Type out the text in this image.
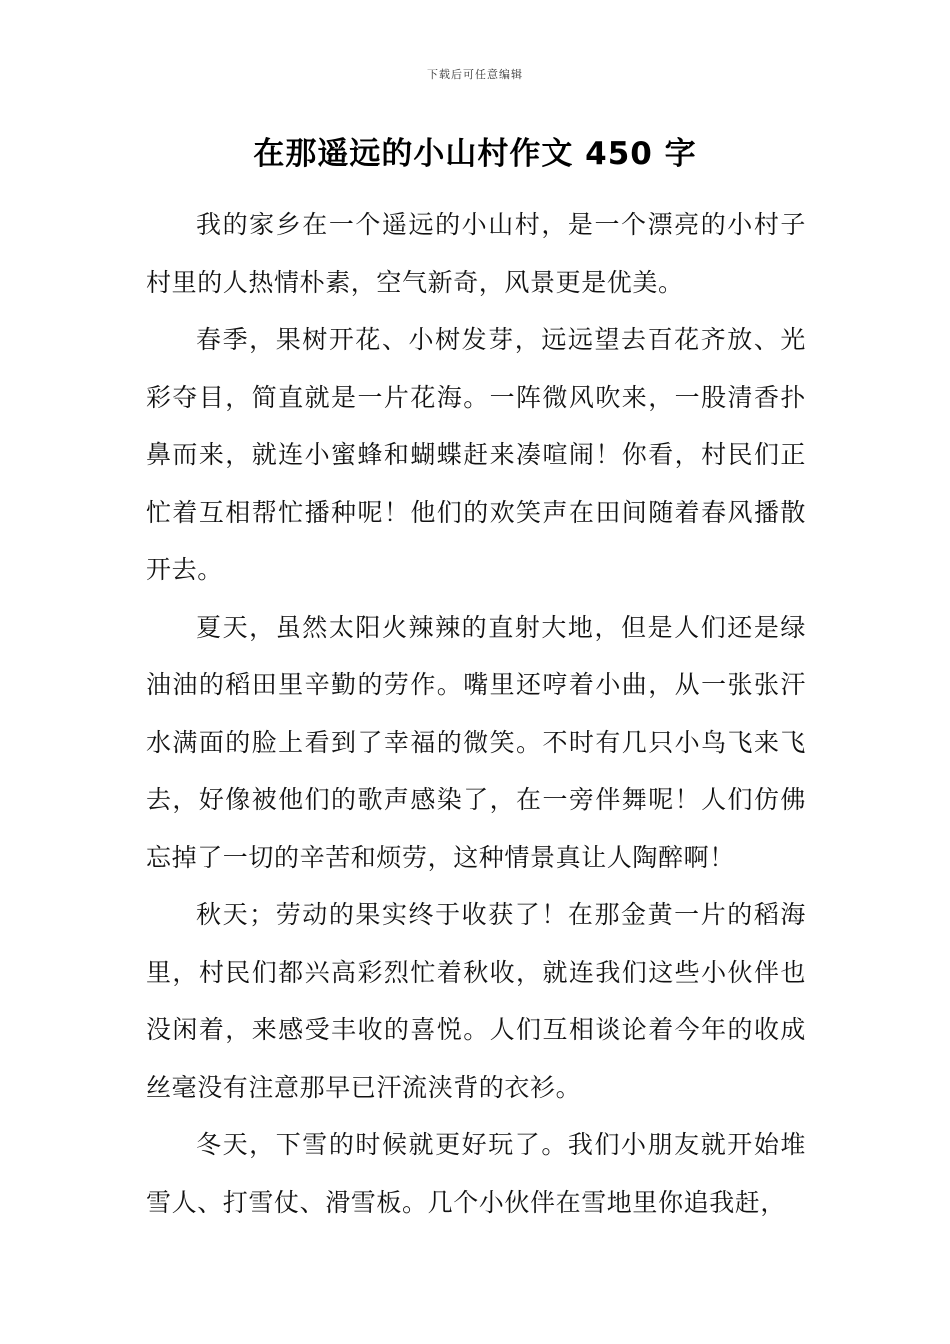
下载后可任意编辑
在那遥远的小山村作文 450 字

我的家乡在一个遥远的小山村，是一个漂亮的小村子村里的人热情朴素，空气新奇，风景更是优美。

春季，果树开花、小树发芽，远远望去百花齐放、光彩夺目，简直就是一片花海。一阵微风吹来，一股清香扑鼻而来，就连小蜜蜂和蝴蝶赶来凑喧闹！你看，村民们正忙着互相帮忙播种呢！他们的欢笑声在田间随着春风播散开去。

夏天，虽然太阳火辣辣的直射大地，但是人们还是绿油油的稻田里辛勤的劳作。嘴里还哼着小曲，从一张张汗水满面的脸上看到了幸福的微笑。不时有几只小鸟飞来飞去，好像被他们的歌声感染了，在一旁伴舞呢！人们仿佛忘掉了一切的辛苦和烦劳，这种情景真让人陶醉啊！

秋天；劳动的果实终于收获了！在那金黄一片的稻海里，村民们都兴高彩烈忙着秋收，就连我们这些小伙伴也没闲着，来感受丰收的喜悦。人们互相谈论着今年的收成丝毫没有注意那早已汗流浃背的衣衫。

冬天，下雪的时候就更好玩了。我们小朋友就开始堆雪人、打雪仗、滑雪板。几个小伙伴在雪地里你追我赶，
